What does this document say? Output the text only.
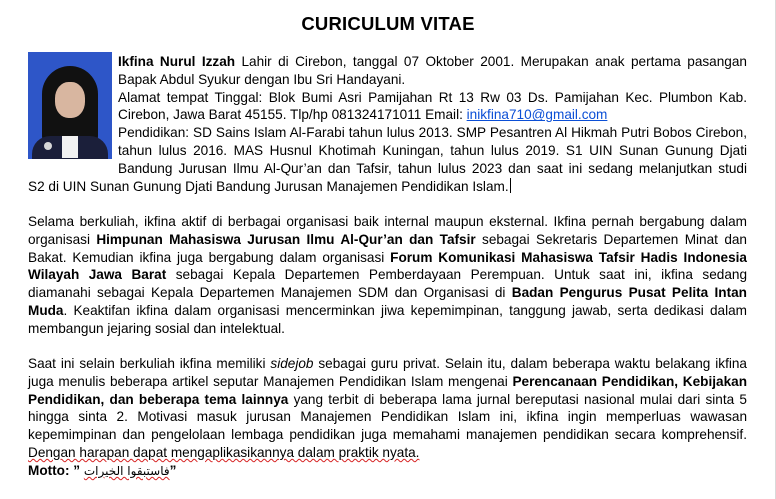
CURICULUM VITAE
Ikfina Nurul Izzah Lahir di Cirebon, tanggal 07 Oktober 2001. Merupakan anak pertama pasangan
Bapak Abdul Syukur dengan Ibu Sri Handayani.
Alamat tempat Tinggal: Blok Bumi Asri Pamijahan Rt 13 Rw 03 Ds. Pamijahan Kec. Plumbon Kab.
Cirebon, Jawa Barat 45155. Tlp/hp 081324171011 Email: inikfina710@gmail.com
Pendidikan: SD Sains Islam Al-Farabi tahun lulus 2013. SMP Pesantren Al Hikmah Putri Bobos Cirebon,
tahun lulus 2016. MAS Husnul Khotimah Kuningan, tahun lulus 2019. S1 UIN Sunan Gunung Djati
Bandung Jurusan Ilmu Al-Qur’an dan Tafsir, tahun lulus 2023 dan saat ini sedang melanjutkan studi
S2 di UIN Sunan Gunung Djati Bandung Jurusan Manajemen Pendidikan Islam.
Selama berkuliah, ikfina aktif di berbagai organisasi baik internal maupun eksternal. Ikfina pernah bergabung dalam
organisasi Himpunan Mahasiswa Jurusan Ilmu Al-Qur’an dan Tafsir sebagai Sekretaris Departemen Minat dan
Bakat. Kemudian ikfina juga bergabung dalam organisasi Forum Komunikasi Mahasiswa Tafsir Hadis Indonesia
Wilayah Jawa Barat sebagai Kepala Departemen Pemberdayaan Perempuan. Untuk saat ini, ikfina sedang
diamanahi sebagai Kepala Departemen Manajemen SDM dan Organisasi di Badan Pengurus Pusat Pelita Intan
Muda. Keaktifan ikfina dalam organisasi mencerminkan jiwa kepemimpinan, tanggung jawab, serta dedikasi dalam
membangun jejaring sosial dan intelektual.
Saat ini selain berkuliah ikfina memiliki sidejob sebagai guru privat. Selain itu, dalam beberapa waktu belakang ikfina
juga menulis beberapa artikel seputar Manajemen Pendidikan Islam mengenai Perencanaan Pendidikan, Kebijakan
Pendidikan, dan beberapa tema lainnya yang terbit di beberapa lama jurnal bereputasi nasional mulai dari sinta 5
hingga sinta 2. Motivasi masuk jurusan Manajemen Pendidikan Islam ini, ikfina ingin memperluas wawasan
kepemimpinan dan pengelolaan lembaga pendidikan juga memahami manajemen pendidikan secara komprehensif.
Dengan harapan dapat mengaplikasikannya dalam praktik nyata.
Motto: ” فاستبقوا الخيرات”
